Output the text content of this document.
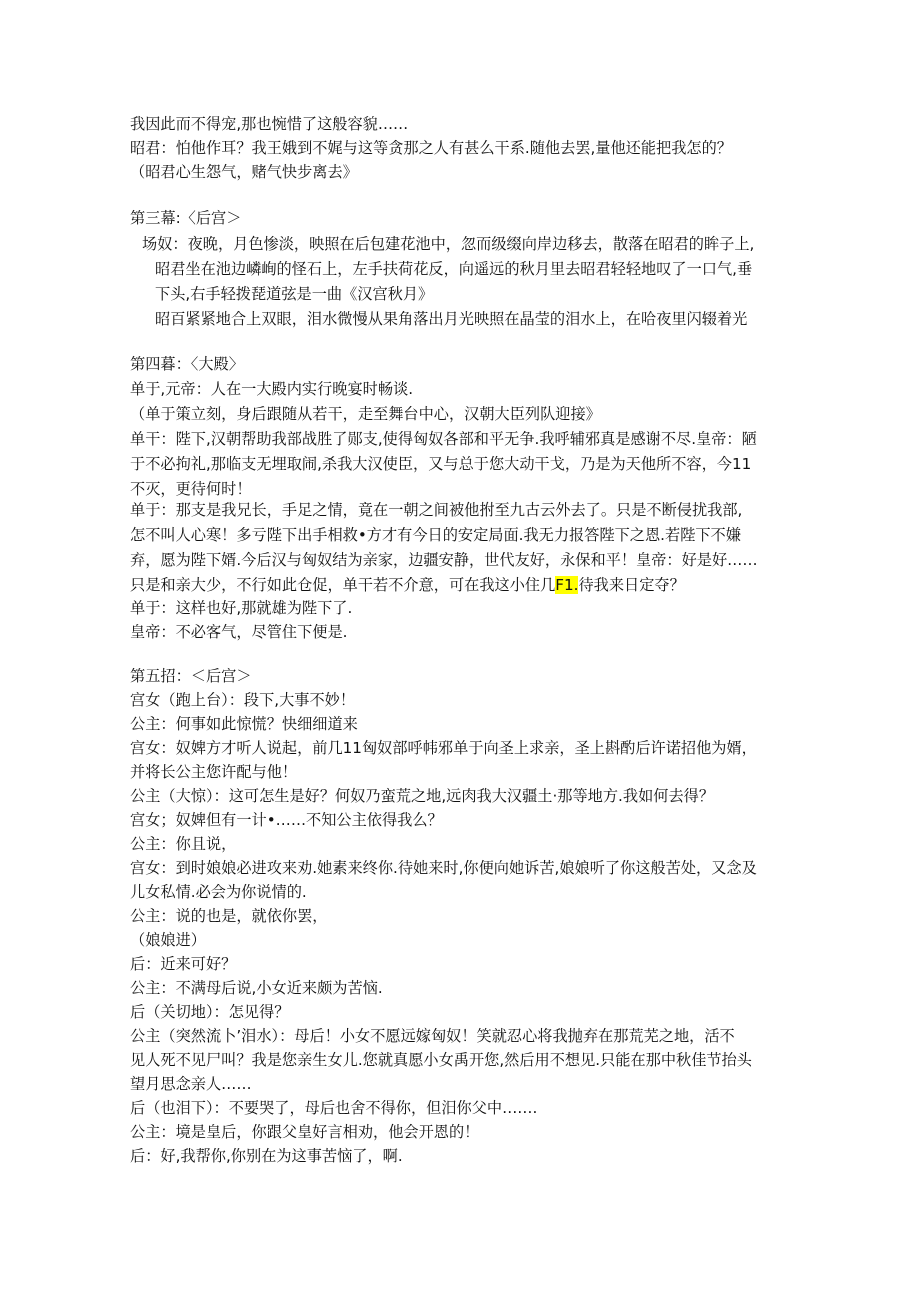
我因此而不得宠,那也惋惜了这般容貌……
昭君：怕他作耳？我王娥到不娓与这等贪那之人有甚么干系.随他去罢,量他还能把我怎的？
（昭君心生怨气，赌气快步离去》
第三幕:〈后宫＞
场奴：夜晚，月色惨淡，映照在后包建花池中，忽而级缀向岸边移去，散落在昭君的眸子上,
昭君坐在池边嶙峋的怪石上，左手扶荷花反，向遥远的秋月里去昭君轻轻地叹了一口气,垂
下头,右手轻拨琵道弦是一曲《汉宫秋月》
昭百紧紧地合上双眼，泪水微慢从果角落出月光映照在晶莹的泪水上，在哈夜里闪辍着光
第四暮：〈大殿〉
单于,元帝：人在一大殿内实行晚宴时畅谈.
（单于策立刻，身后跟随从若干，走至舞台中心，汉朝大臣列队迎接》
单干：陛下,汉朝帮助我部战胜了郧支,使得匈奴各部和平无争.我呼辅邪真是感谢不尽.皇帝：陋
于不必拘礼,那临支无埋取闹,杀我大汉使臣，又与总于您大动干戈，乃是为天他所不容，今11
不灭，更待何时！
单于：那支是我兄长，手足之情，竟在一朝之间被他拊至九古云外去了。只是不断侵扰我部,
怎不叫人心寒！多亏陛下出手相救•方才有今日的安定局面.我无力报答陛下之恩.若陛下不嫌
弃，愿为陛下婿.今后汉与匈奴结为亲家，边疆安静，世代友好，永保和平！皇帝：好是好……
只是和亲大少，不行如此仓促，单干若不介意，可在我这小住几F1.待我来日定夺？
单于：这样也好,那就雄为陛下了.
皇帝：不必客气，尽管住下便是.
第五招：＜后宫＞
宫女（跑上台）：段下,大事不妙！
公主：何事如此惊慌？快细细道来
宫女：奴婢方才听人说起，前几11匈奴部呼帏邪单于向圣上求亲，圣上斟酌后许诺招他为婿，
并将长公主您许配与他！
公主（大惊）：这可怎生是好？何奴乃蛮荒之地,远肉我大汉疆土·那等地方.我如何去得？
宫女；奴婢但有一计•……不知公主依得我么？
公主：你且说，
宫女：到时娘娘必进攻来劝.她素来终你.待她来时,你便向她诉苦,娘娘听了你这般苦处，又念及
儿女私情.必会为你说情的.
公主：说的也是，就依你罢，
（娘娘进）
后：近来可好？
公主：不满母后说,小女近来颇为苦恼.
后（关切地）：怎见得？
公主（突然流卜’泪水）：母后！小女不愿远嫁匈奴！笑就忍心将我抛弃在那荒芜之地，活不
见人死不见尸叫？我是您亲生女儿.您就真愿小女禹开您,然后用不想见.只能在那中秋佳节抬头
望月思念亲人……
后（也泪下）：不要哭了，母后也舍不得你，但汨你父中…….
公主：境是皇后，你跟父皇好言相劝，他会开恩的！
后：好,我帮你,你别在为这事苦恼了，啊.
